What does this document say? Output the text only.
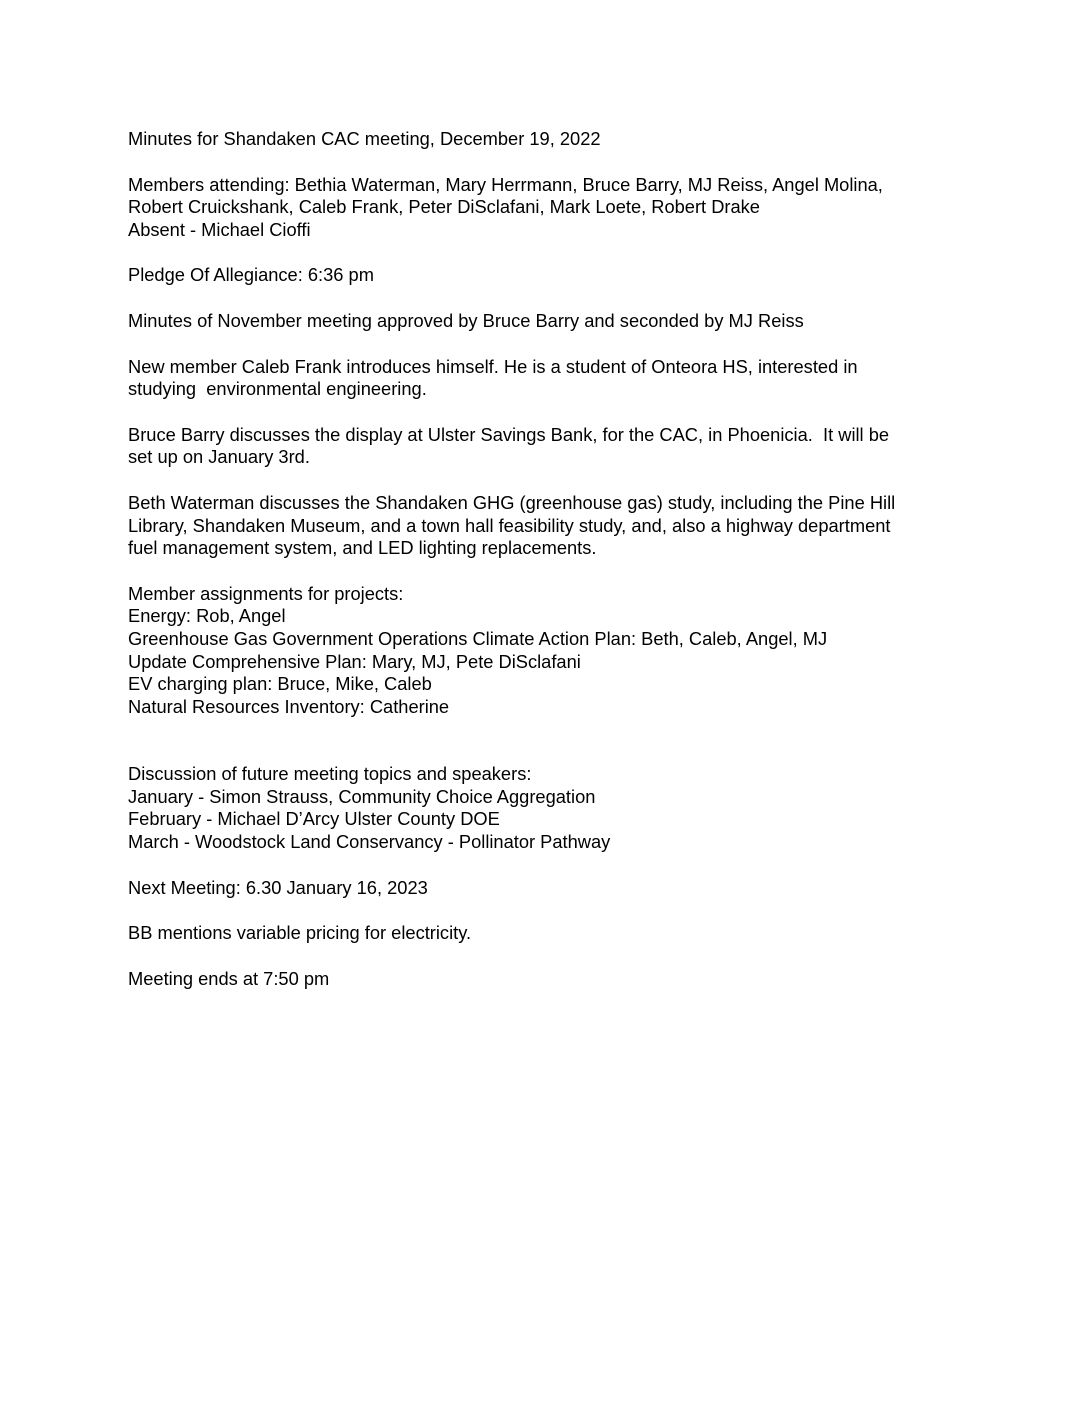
Minutes for Shandaken CAC meeting, December 19, 2022
Members attending: Bethia Waterman, Mary Herrmann, Bruce Barry, MJ Reiss, Angel Molina,
Robert Cruickshank, Caleb Frank, Peter DiSclafani, Mark Loete, Robert Drake
Absent - Michael Cioffi
Pledge Of Allegiance: 6:36 pm
Minutes of November meeting approved by Bruce Barry and seconded by MJ Reiss
New member Caleb Frank introduces himself. He is a student of Onteora HS, interested in
studying  environmental engineering.
Bruce Barry discusses the display at Ulster Savings Bank, for the CAC, in Phoenicia.  It will be
set up on January 3rd.
Beth Waterman discusses the Shandaken GHG (greenhouse gas) study, including the Pine Hill
Library, Shandaken Museum, and a town hall feasibility study, and, also a highway department
fuel management system, and LED lighting replacements.
Member assignments for projects:
Energy: Rob, Angel
Greenhouse Gas Government Operations Climate Action Plan: Beth, Caleb, Angel, MJ
Update Comprehensive Plan: Mary, MJ, Pete DiSclafani
EV charging plan: Bruce, Mike, Caleb
Natural Resources Inventory: Catherine
Discussion of future meeting topics and speakers:
January - Simon Strauss, Community Choice Aggregation
February - Michael D’Arcy Ulster County DOE
March - Woodstock Land Conservancy - Pollinator Pathway
Next Meeting: 6.30 January 16, 2023
BB mentions variable pricing for electricity.
Meeting ends at 7:50 pm
